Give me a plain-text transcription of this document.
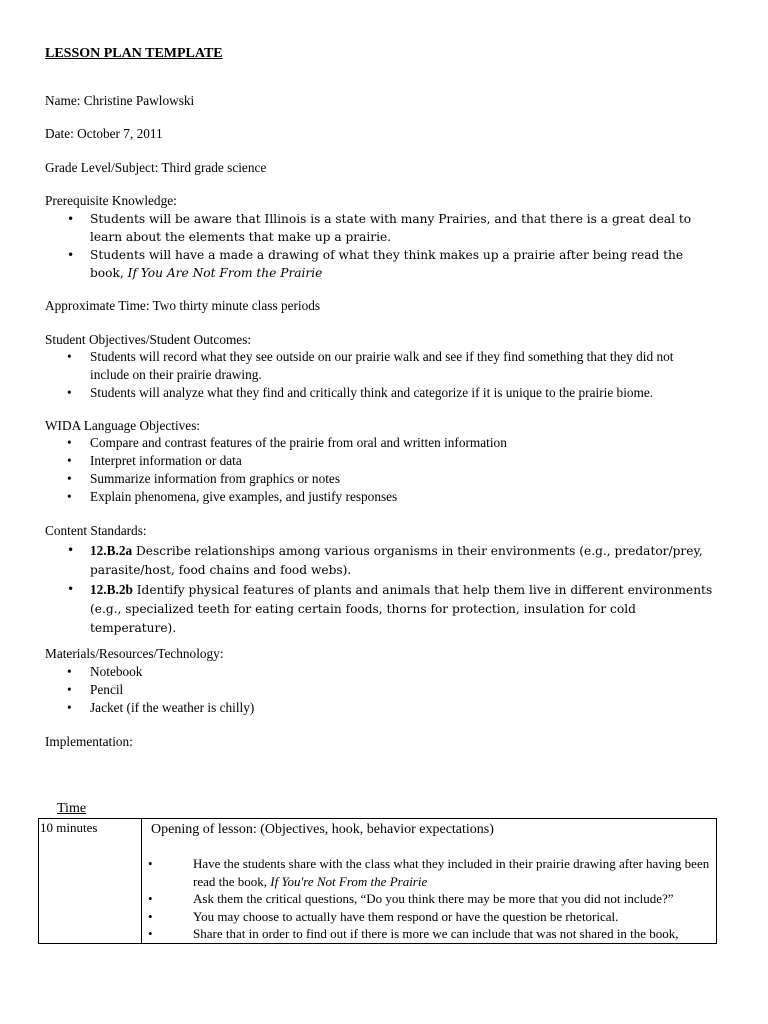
LESSON PLAN TEMPLATE
Name: Christine Pawlowski
Date: October 7, 2011
Grade Level/Subject: Third grade science
Prerequisite Knowledge:
• Students will be aware that Illinois is a state with many Prairies, and that there is a great deal to learn about the elements that make up a prairie.
• Students will have a made a drawing of what they think makes up a prairie after being read the book, If You Are Not From the Prairie
Approximate Time: Two thirty minute class periods
Student Objectives/Student Outcomes:
• Students will record what they see outside on our prairie walk and see if they find something that they did not include on their prairie drawing.
• Students will analyze what they find and critically think and categorize if it is unique to the prairie biome.
WIDA Language Objectives:
• Compare and contrast features of the prairie from oral and written information
• Interpret information or data
• Summarize information from graphics or notes
• Explain phenomena, give examples, and justify responses
Content Standards:
• 12.B.2a Describe relationships among various organisms in their environments (e.g., predator/prey, parasite/host, food chains and food webs).
• 12.B.2b Identify physical features of plants and animals that help them live in different environments (e.g., specialized teeth for eating certain foods, thorns for protection, insulation for cold temperature).
Materials/Resources/Technology:
• Notebook
• Pencil
• Jacket (if the weather is chilly)
Implementation:
Time
10 minutes	Opening of lesson: (Objectives, hook, behavior expectations)
• Have the students share with the class what they included in their prairie drawing after having been read the book, If You're Not From the Prairie
• Ask them the critical questions, “Do you think there may be more that you did not include?”
• You may choose to actually have them respond or have the question be rhetorical.
• Share that in order to find out if there is more we can include that was not shared in the book,
